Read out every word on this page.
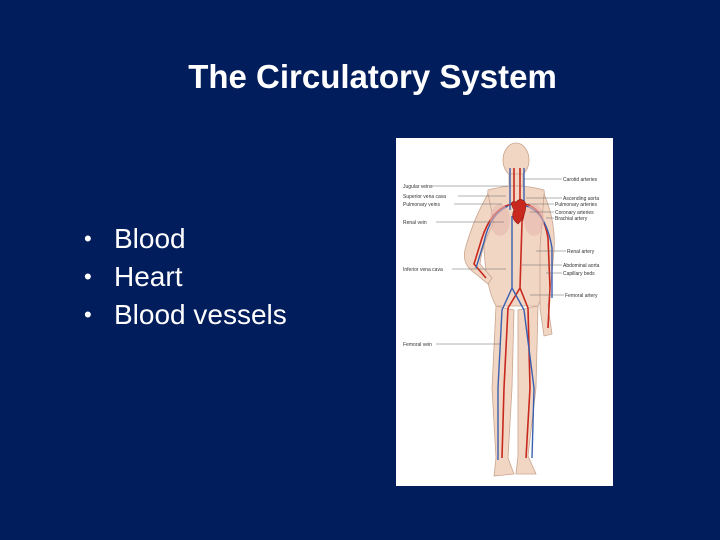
The Circulatory System
• Blood
• Heart
• Blood vessels
Jugular veins
Superior vena cava
Pulmonary veins
Renal vein
Inferior vena cava
Femoral vein
Carotid arteries
Ascending aorta
Pulmonary arteries
Coronary arteries
Brachial artery
Renal artery
Abdominal aorta
Capillary beds
Femoral artery
